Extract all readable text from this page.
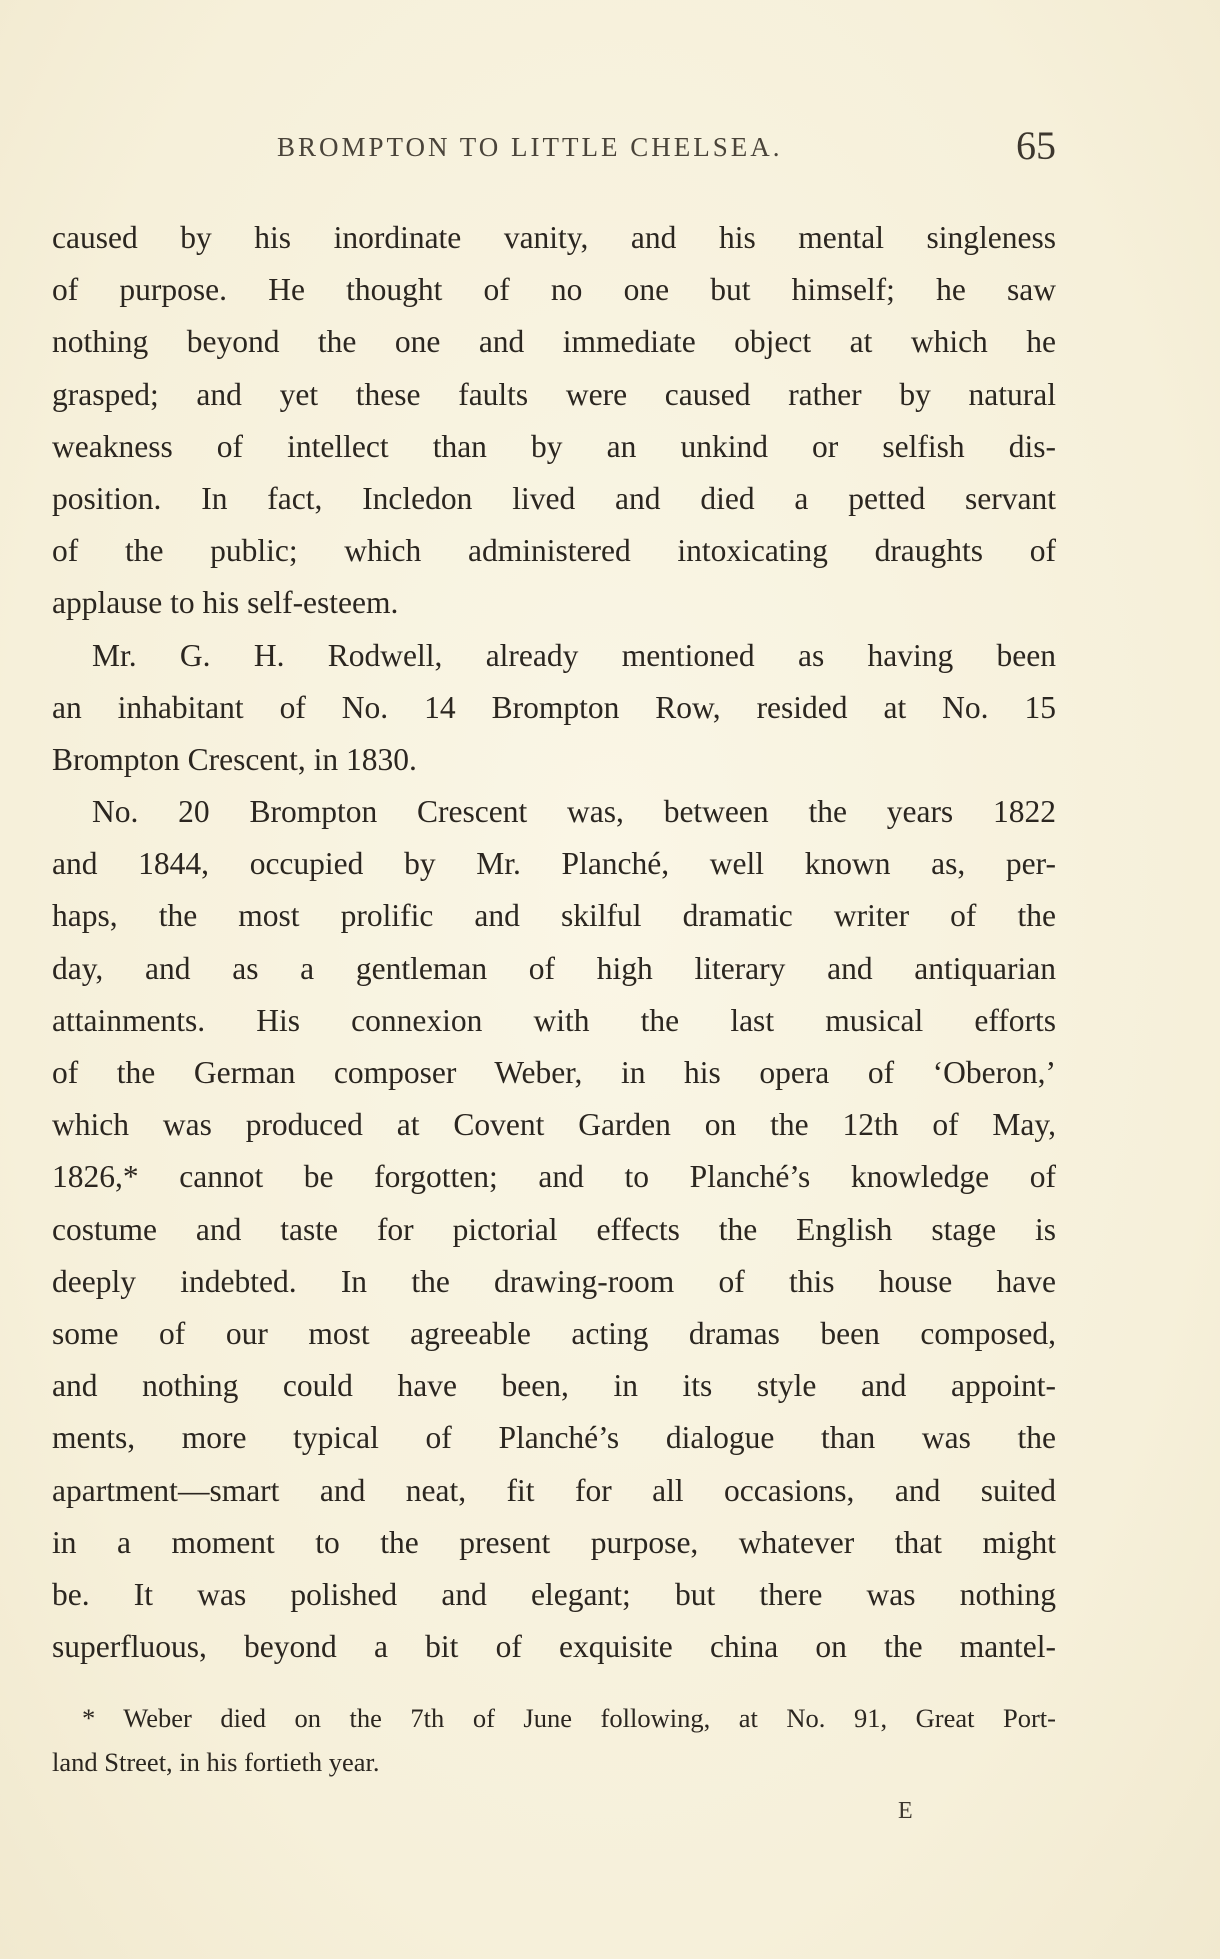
BROMPTON TO LITTLE CHELSEA.	65
caused by his inordinate vanity, and his mental singleness
of purpose. He thought of no one but himself; he saw
nothing beyond the one and immediate object at which he
grasped; and yet these faults were caused rather by natural
weakness of intellect than by an unkind or selfish dis-
position. In fact, Incledon lived and died a petted servant
of the public; which administered intoxicating draughts of
applause to his self-esteem.
Mr. G. H. Rodwell, already mentioned as having been
an inhabitant of No. 14 Brompton Row, resided at No. 15
Brompton Crescent, in 1830.
No. 20 Brompton Crescent was, between the years 1822
and 1844, occupied by Mr. Planché, well known as, per-
haps, the most prolific and skilful dramatic writer of the
day, and as a gentleman of high literary and antiquarian
attainments. His connexion with the last musical efforts
of the German composer Weber, in his opera of ‘Oberon,’
which was produced at Covent Garden on the 12th of May,
1826,* cannot be forgotten; and to Planché’s knowledge of
costume and taste for pictorial effects the English stage is
deeply indebted. In the drawing-room of this house have
some of our most agreeable acting dramas been composed,
and nothing could have been, in its style and appoint-
ments, more typical of Planché’s dialogue than was the
apartment—smart and neat, fit for all occasions, and suited
in a moment to the present purpose, whatever that might
be. It was polished and elegant; but there was nothing
superfluous, beyond a bit of exquisite china on the mantel-
* Weber died on the 7th of June following, at No. 91, Great Port-
land Street, in his fortieth year.
E
